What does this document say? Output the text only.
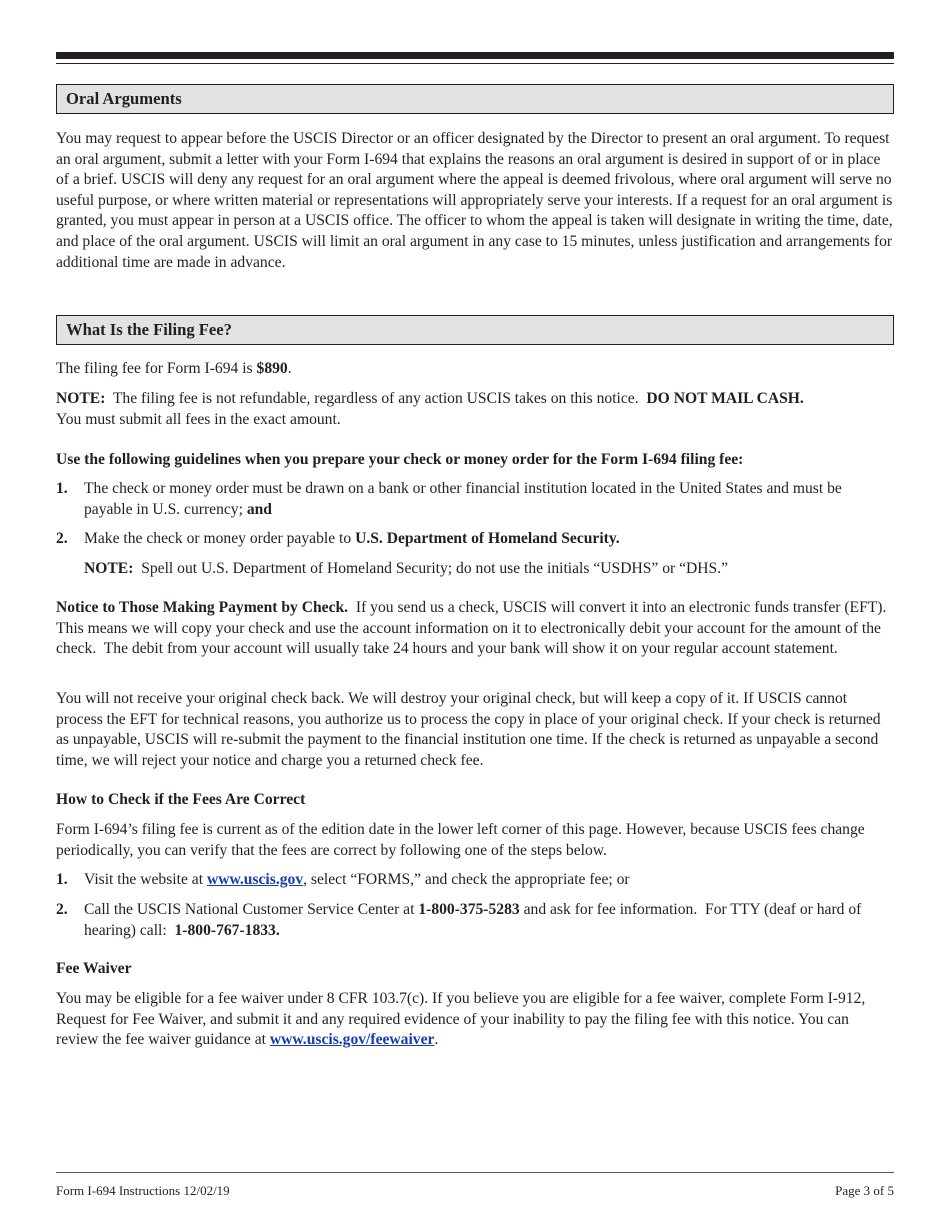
Oral Arguments

You may request to appear before the USCIS Director or an officer designated by the Director to present an oral argument. To request an oral argument, submit a letter with your Form I-694 that explains the reasons an oral argument is desired in support of or in place of a brief. USCIS will deny any request for an oral argument where the appeal is deemed frivolous, where oral argument will serve no useful purpose, or where written material or representations will appropriately serve your interests. If a request for an oral argument is granted, you must appear in person at a USCIS office. The officer to whom the appeal is taken will designate in writing the time, date, and place of the oral argument. USCIS will limit an oral argument in any case to 15 minutes, unless justification and arrangements for additional time are made in advance.

What Is the Filing Fee?

The filing fee for Form I-694 is $890.

NOTE:  The filing fee is not refundable, regardless of any action USCIS takes on this notice.  DO NOT MAIL CASH.
You must submit all fees in the exact amount.

Use the following guidelines when you prepare your check or money order for the Form I-694 filing fee:

1. The check or money order must be drawn on a bank or other financial institution located in the United States and must be payable in U.S. currency; and
2. Make the check or money order payable to U.S. Department of Homeland Security.
NOTE:  Spell out U.S. Department of Homeland Security; do not use the initials “USDHS” or “DHS.”

Notice to Those Making Payment by Check.  If you send us a check, USCIS will convert it into an electronic funds transfer (EFT).  This means we will copy your check and use the account information on it to electronically debit your account for the amount of the check.  The debit from your account will usually take 24 hours and your bank will show it on your regular account statement.

You will not receive your original check back. We will destroy your original check, but will keep a copy of it. If USCIS cannot process the EFT for technical reasons, you authorize us to process the copy in place of your original check. If your check is returned as unpayable, USCIS will re-submit the payment to the financial institution one time. If the check is returned as unpayable a second time, we will reject your notice and charge you a returned check fee.

How to Check if the Fees Are Correct

Form I-694’s filing fee is current as of the edition date in the lower left corner of this page. However, because USCIS fees change periodically, you can verify that the fees are correct by following one of the steps below.

1. Visit the website at www.uscis.gov, select “FORMS,” and check the appropriate fee; or
2. Call the USCIS National Customer Service Center at 1-800-375-5283 and ask for fee information.  For TTY (deaf or hard of hearing) call:  1-800-767-1833.

Fee Waiver

You may be eligible for a fee waiver under 8 CFR 103.7(c). If you believe you are eligible for a fee waiver, complete Form I-912, Request for Fee Waiver, and submit it and any required evidence of your inability to pay the filing fee with this notice. You can review the fee waiver guidance at www.uscis.gov/feewaiver.

Form I-694 Instructions 12/02/19	Page 3 of 5
